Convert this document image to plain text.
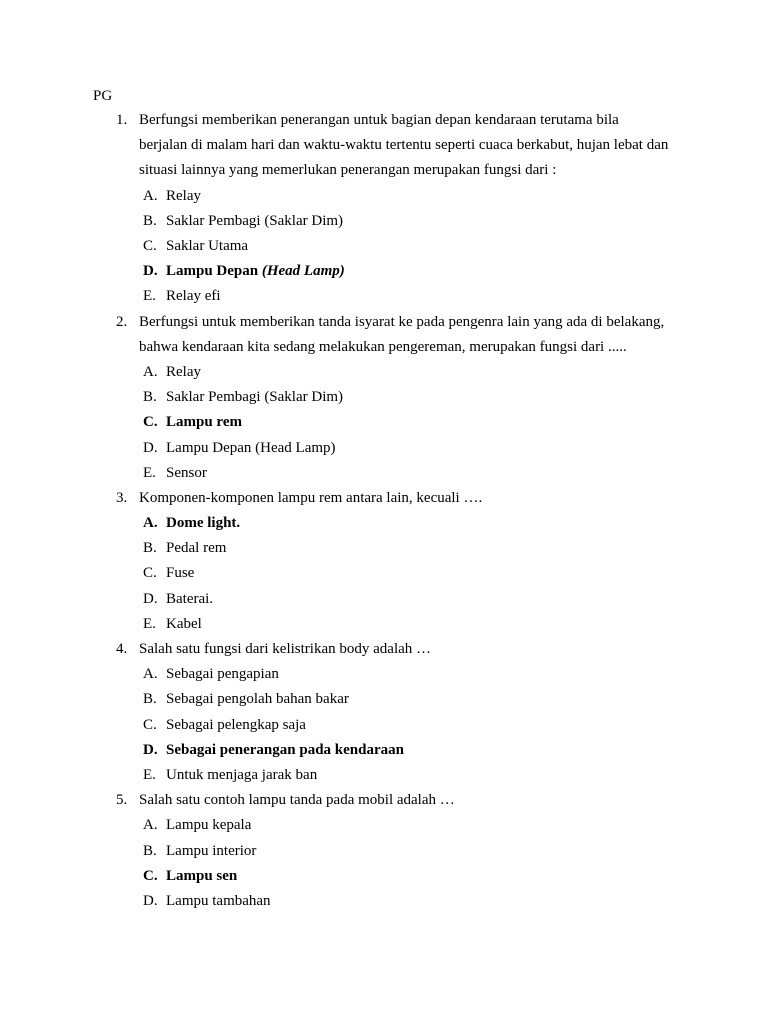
PG
1. Berfungsi memberikan penerangan untuk bagian depan kendaraan terutama bila berjalan di malam hari dan waktu-waktu tertentu seperti cuaca berkabut, hujan lebat dan situasi lainnya yang memerlukan penerangan merupakan fungsi dari :
A. Relay
B. Saklar Pembagi (Saklar Dim)
C. Saklar Utama
D. Lampu Depan (Head Lamp)
E. Relay efi
2. Berfungsi untuk memberikan tanda isyarat ke pada pengenra lain yang ada di belakang, bahwa kendaraan kita sedang melakukan pengereman, merupakan fungsi dari .....
A. Relay
B. Saklar Pembagi (Saklar Dim)
C. Lampu rem
D. Lampu Depan (Head Lamp)
E. Sensor
3. Komponen-komponen lampu rem antara lain, kecuali ….
A. Dome light.
B. Pedal rem
C. Fuse
D. Baterai.
E. Kabel
4. Salah satu fungsi dari kelistrikan body adalah …
A. Sebagai pengapian
B. Sebagai pengolah bahan bakar
C. Sebagai pelengkap saja
D. Sebagai penerangan pada kendaraan
E. Untuk menjaga jarak ban
5. Salah satu contoh lampu tanda pada mobil adalah …
A. Lampu kepala
B. Lampu interior
C. Lampu sen
D. Lampu tambahan
